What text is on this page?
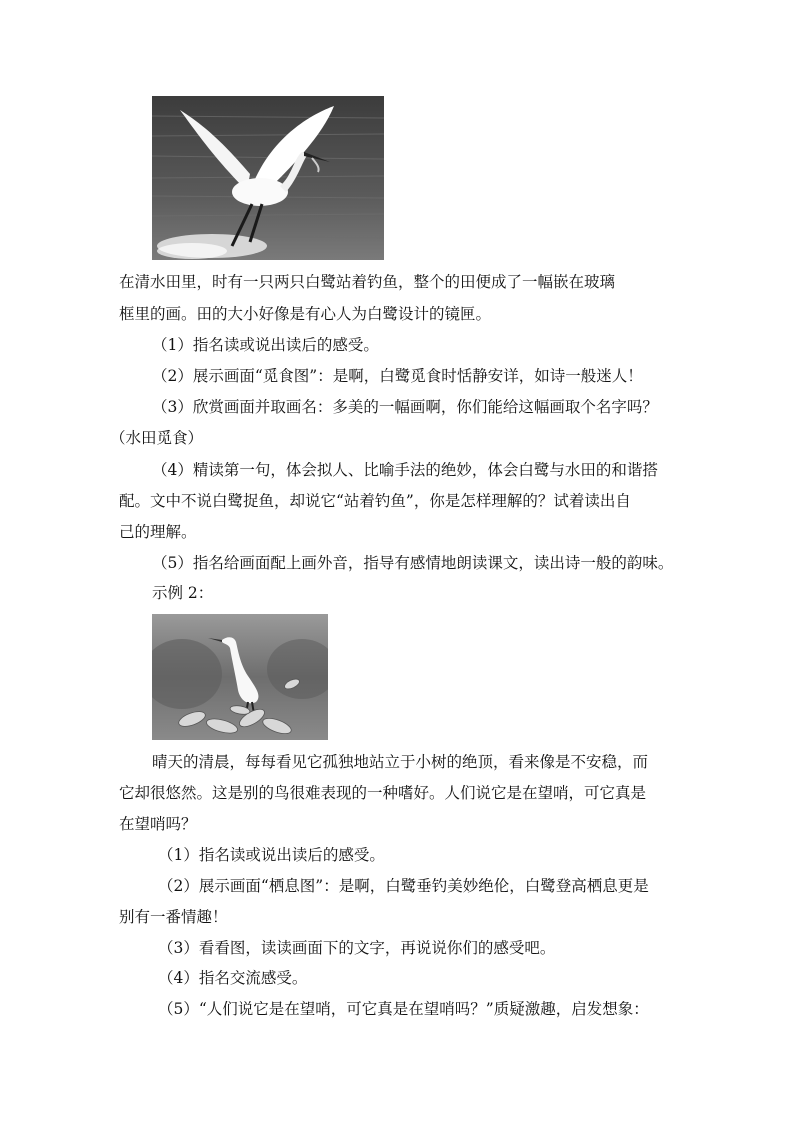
在清水田里，时有一只两只白鹭站着钓鱼，整个的田便成了一幅嵌在玻璃
框里的画。田的大小好像是有心人为白鹭设计的镜匣。
（1）指名读或说出读后的感受。
（2）展示画面“觅食图”：是啊，白鹭觅食时恬静安详，如诗一般迷人！
（3）欣赏画面并取画名：多美的一幅画啊，你们能给这幅画取个名字吗？
（水田觅食）
（4）精读第一句，体会拟人、比喻手法的绝妙，体会白鹭与水田的和谐搭
配。文中不说白鹭捉鱼，却说它“站着钓鱼”，你是怎样理解的？试着读出自
己的理解。
（5）指名给画面配上画外音，指导有感情地朗读课文，读出诗一般的韵味。
示例 2：
晴天的清晨，每每看见它孤独地站立于小树的绝顶，看来像是不安稳，而
它却很悠然。这是别的鸟很难表现的一种嗜好。人们说它是在望哨，可它真是
在望哨吗？
（1）指名读或说出读后的感受。
（2）展示画面“栖息图”：是啊，白鹭垂钓美妙绝伦，白鹭登高栖息更是
别有一番情趣！
（3）看看图，读读画面下的文字，再说说你们的感受吧。
（4）指名交流感受。
（5）“人们说它是在望哨，可它真是在望哨吗？”质疑激趣，启发想象：
